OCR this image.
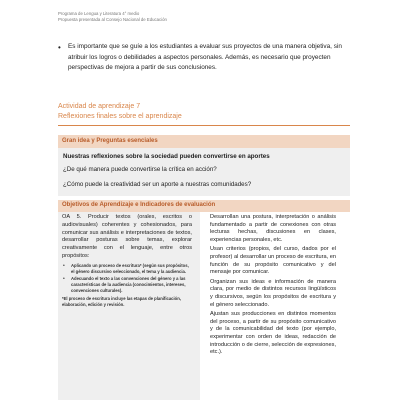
Programa de Lengua y Literatura 4° medio
Propuesta presentada al Consejo Nacional de Educación
•	Es importante que se guíe a los estudiantes a evaluar sus proyectos de una manera objetiva, sin atribuir los logros o debilidades a aspectos personales. Además, es necesario que proyecten perspectivas de mejora a partir de sus conclusiones.
Actividad de aprendizaje 7
Reflexiones finales sobre el aprendizaje
Gran idea y Preguntas esenciales
Nuestras reflexiones sobre la sociedad pueden convertirse en aportes
¿De qué manera puede convertirse la crítica en acción?
¿Cómo puede la creatividad ser un aporte a nuestras comunidades?
Objetivos de Aprendizaje e Indicadores de evaluación
OA 5. Producir textos (orales, escritos o audiovisuales) coherentes y cohesionados, para comunicar sus análisis e interpretaciones de textos, desarrollar posturas sobre temas, explorar creativamente con el lenguaje, entre otros propósitos:
•	Aplicando un proceso de escritura* (según sus propósitos, el género discursivo seleccionado, el tema y la audiencia.
•	Adecuando el texto a las convenciones del género y a las características de la audiencia (conocimientos, intereses, convenciones culturales).
*El proceso de escritura incluye las etapas de planificación, elaboración, edición y revisión.
Desarrollan una postura, interpretación o análisis fundamentado a partir de conexiones con otras lecturas hechas, discusiones en clases, experiencias personales, etc.
Usan criterios (propios, del curso, dados por el profesor) al desarrollar un proceso de escritura, en función de su propósito comunicativo y del mensaje por comunicar.
Organizan sus ideas e información de manera clara, por medio de distintos recursos lingüísticos y discursivos, según los propósitos de escritura y el género seleccionado.
Ajustan sus producciones en distintos momentos del proceso, a partir de su propósito comunicativo y de la comunicabilidad del texto (por ejemplo, experimentar con orden de ideas, redacción de introducción o de cierre, selección de expresiones, etc.).
